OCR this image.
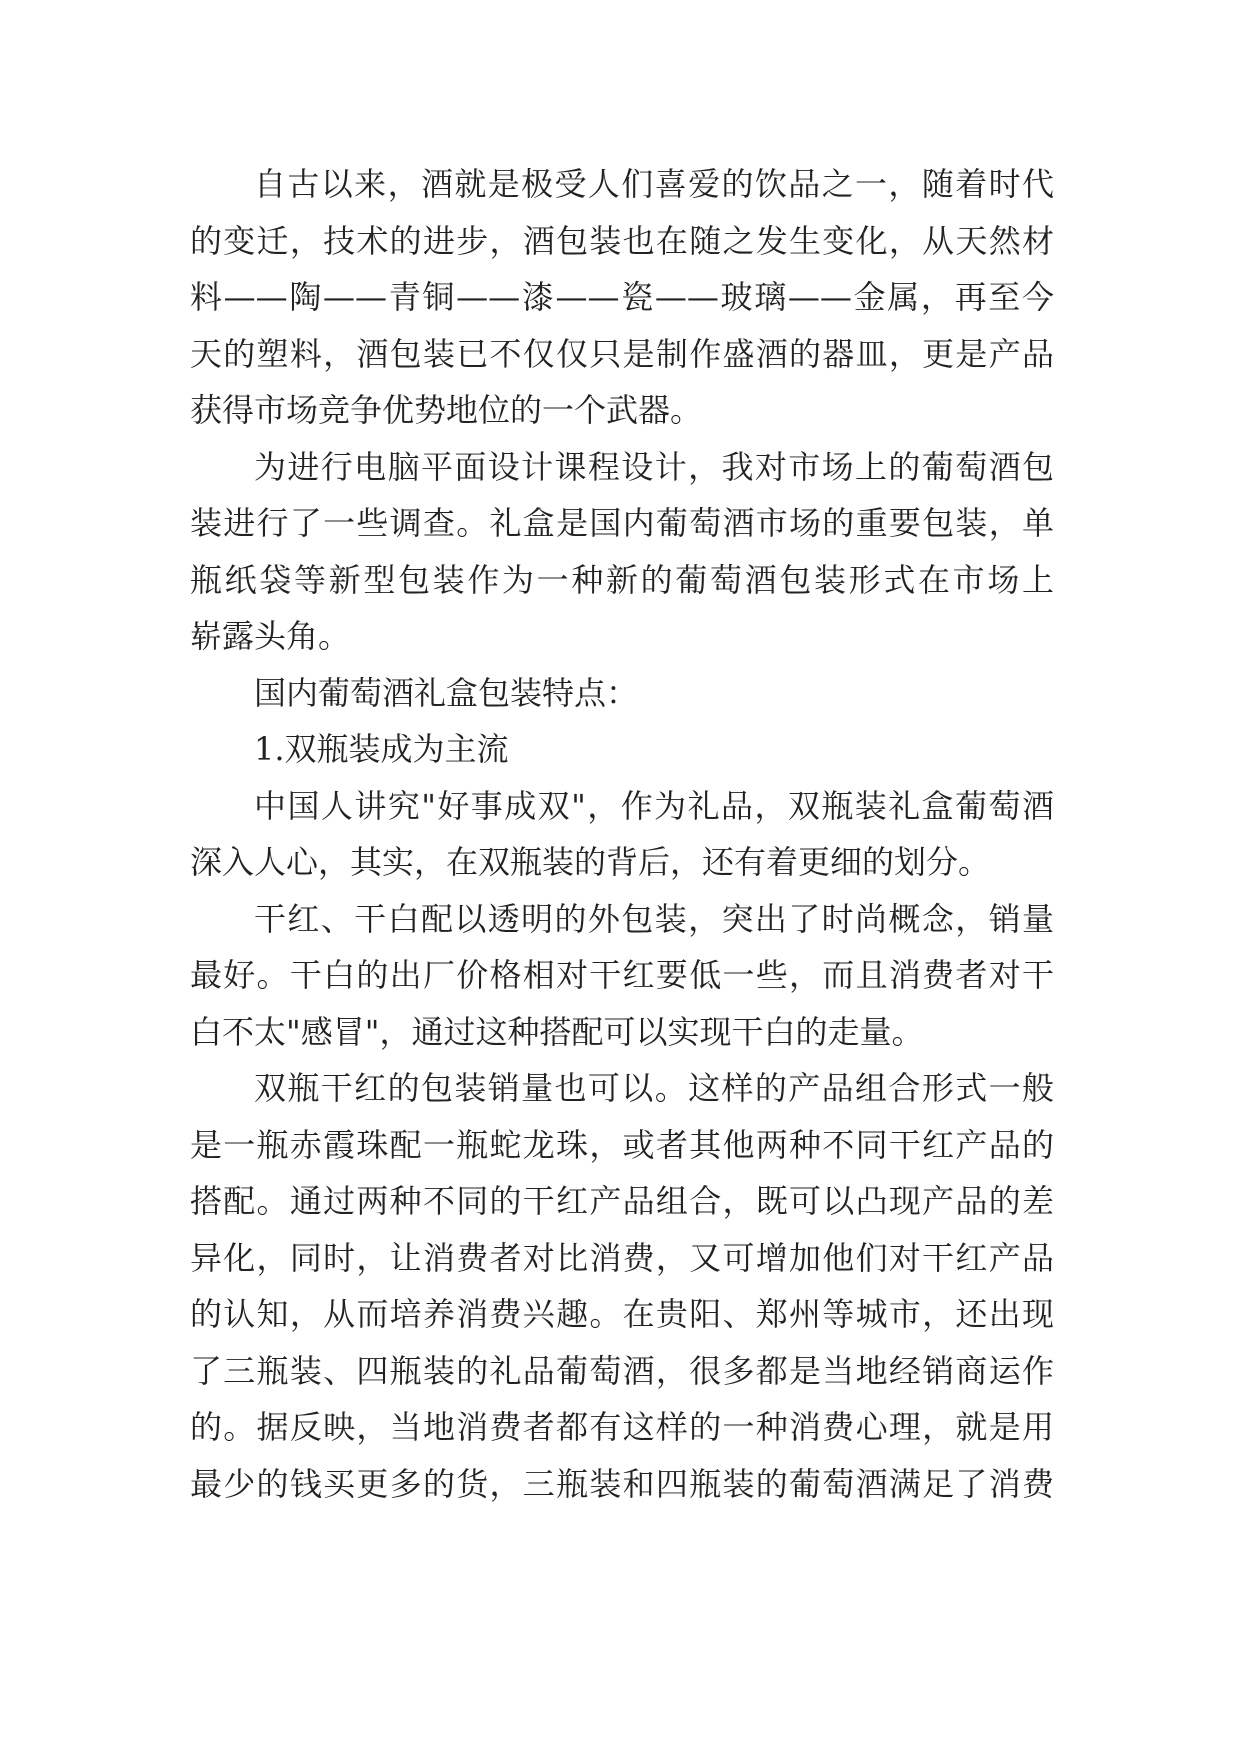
自古以来，酒就是极受人们喜爱的饮品之一，随着时代
的变迁，技术的进步，酒包装也在随之发生变化，从天然材
料——陶——青铜——漆——瓷——玻璃——金属，再至今
天的塑料，酒包装已不仅仅只是制作盛酒的器皿，更是产品
获得市场竞争优势地位的一个武器。
为进行电脑平面设计课程设计，我对市场上的葡萄酒包
装进行了一些调查。礼盒是国内葡萄酒市场的重要包装，单
瓶纸袋等新型包装作为一种新的葡萄酒包装形式在市场上
崭露头角。
国内葡萄酒礼盒包装特点：
1.双瓶装成为主流
中国人讲究"好事成双"，作为礼品，双瓶装礼盒葡萄酒
深入人心，其实，在双瓶装的背后，还有着更细的划分。
干红、干白配以透明的外包装，突出了时尚概念，销量
最好。干白的出厂价格相对干红要低一些，而且消费者对干
白不太"感冒"，通过这种搭配可以实现干白的走量。
双瓶干红的包装销量也可以。这样的产品组合形式一般
是一瓶赤霞珠配一瓶蛇龙珠，或者其他两种不同干红产品的
搭配。通过两种不同的干红产品组合，既可以凸现产品的差
异化，同时，让消费者对比消费，又可增加他们对干红产品
的认知，从而培养消费兴趣。在贵阳、郑州等城市，还出现
了三瓶装、四瓶装的礼品葡萄酒，很多都是当地经销商运作
的。据反映，当地消费者都有这样的一种消费心理，就是用
最少的钱买更多的货，三瓶装和四瓶装的葡萄酒满足了消费
